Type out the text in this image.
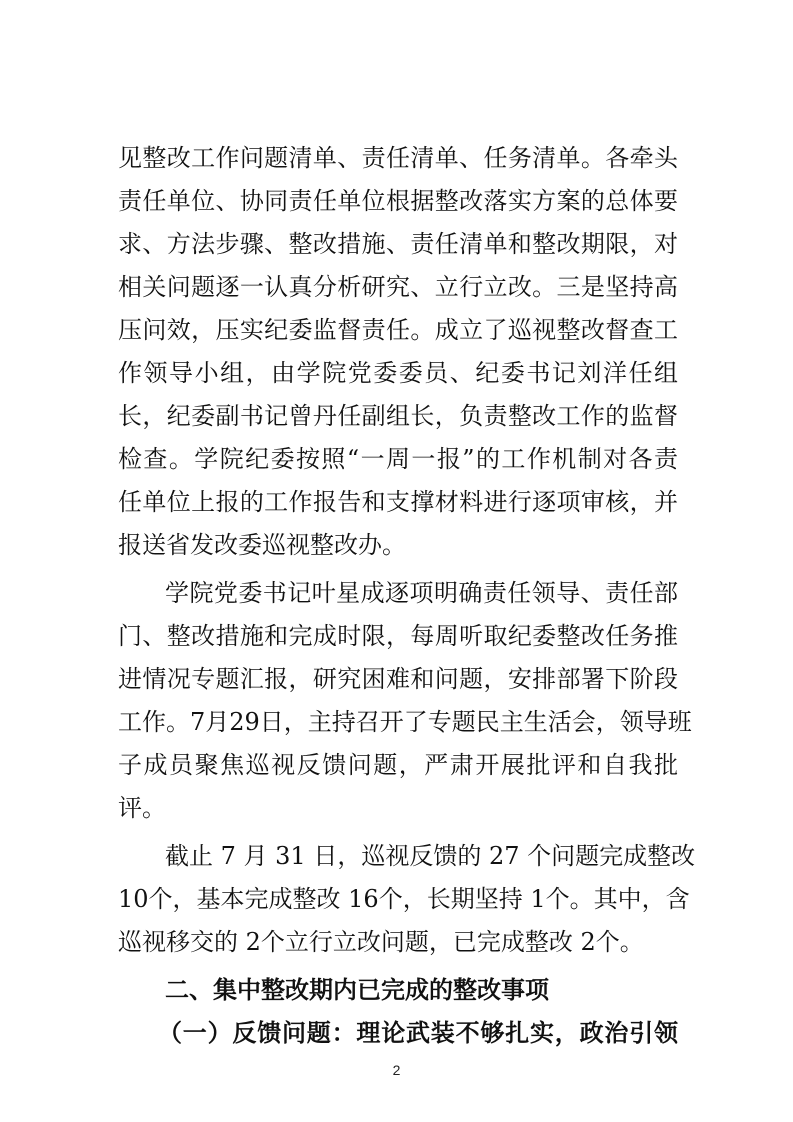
见整改工作问题清单、责任清单、任务清单。各牵头
责任单位、协同责任单位根据整改落实方案的总体要
求、方法步骤、整改措施、责任清单和整改期限，对
相关问题逐一认真分析研究、立行立改。三是坚持高
压问效，压实纪委监督责任。成立了巡视整改督查工
作领导小组，由学院党委委员、纪委书记刘洋任组
长，纪委副书记曾丹任副组长，负责整改工作的监督
检查。学院纪委按照“一周一报”的工作机制对各责
任单位上报的工作报告和支撑材料进行逐项审核，并
报送省发改委巡视整改办。
学院党委书记叶星成逐项明确责任领导、责任部
门、整改措施和完成时限，每周听取纪委整改任务推
进情况专题汇报，研究困难和问题，安排部署下阶段
工作。7月29日，主持召开了专题民主生活会，领导班
子成员聚焦巡视反馈问题，严肃开展批评和自我批
评。
截止 7 月 31 日，巡视反馈的 27 个问题完成整改
10个，基本完成整改 16个，长期坚持 1个。其中，含
巡视移交的 2个立行立改问题，已完成整改 2个。
二、集中整改期内已完成的整改事项
2
（一）反馈问题：理论武装不够扎实，政治引领
